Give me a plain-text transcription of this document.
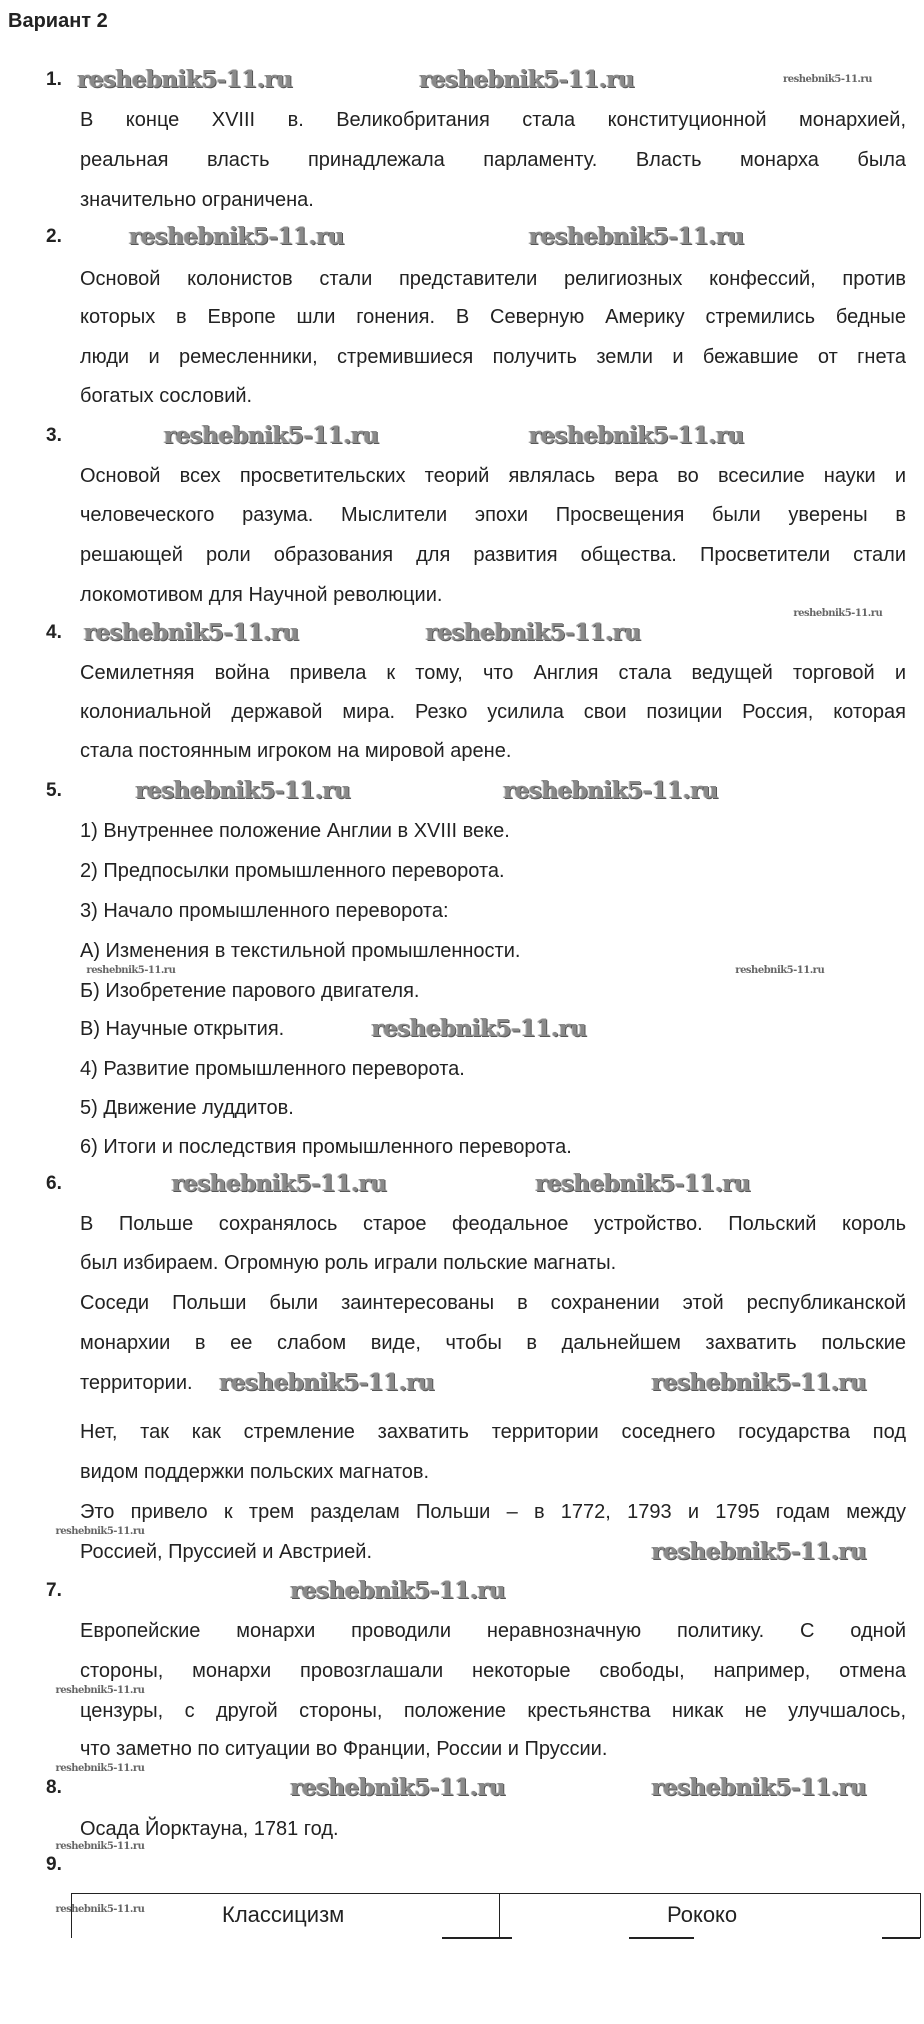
Вариант 2
1.
В конце XVIII в. Великобритания стала конституционной монархией,
реальная власть принадлежала парламенту. Власть монарха была
значительно ограничена.
2.
Основой колонистов стали представители религиозных конфессий, против
которых в Европе шли гонения. В Северную Америку стремились бедные
люди и ремесленники, стремившиеся получить земли и бежавшие от гнета
богатых сословий.
3.
Основой всех просветительских теорий являлась вера во всесилие науки и
человеческого разума. Мыслители эпохи Просвещения были уверены в
решающей роли образования для развития общества. Просветители стали
локомотивом для Научной революции.
4.
Семилетняя война привела к тому, что Англия стала ведущей торговой и
колониальной державой мира. Резко усилила свои позиции Россия, которая
стала постоянным игроком на мировой арене.
5.
1) Внутреннее положение Англии в XVIII веке.
2) Предпосылки промышленного переворота.
3) Начало промышленного переворота:
А) Изменения в текстильной промышленности.
Б) Изобретение парового двигателя.
В) Научные открытия.
4) Развитие промышленного переворота.
5) Движение луддитов.
6) Итоги и последствия промышленного переворота.
6.
В Польше сохранялось старое феодальное устройство. Польский король
был избираем. Огромную роль играли польские магнаты.
Соседи Польши были заинтересованы в сохранении этой республиканской
монархии в ее слабом виде, чтобы в дальнейшем захватить польские
территории.
Нет, так как стремление захватить территории соседнего государства под
видом поддержки польских магнатов.
Это привело к трем разделам Польши – в 1772, 1793 и 1795 годам между
Россией, Пруссией и Австрией.
7.
Европейские монархи проводили неравнозначную политику. С одной
стороны, монархи провозглашали некоторые свободы, например, отмена
цензуры, с другой стороны, положение крестьянства никак не улучшалось,
что заметно по ситуации во Франции, России и Пруссии.
8.
Осада Йорктауна, 1781 год.
9.
reshebnik5-11.ru	reshebnik5-11.ru
reshebnik5-11.ru	reshebnik5-11.ru
reshebnik5-11.ru	reshebnik5-11.ru
reshebnik5-11.ru	reshebnik5-11.ru
reshebnik5-11.ru	reshebnik5-11.ru
reshebnik5-11.ru
reshebnik5-11.ru	reshebnik5-11.ru
reshebnik5-11.ru	reshebnik5-11.ru
reshebnik5-11.ru
reshebnik5-11.ru
reshebnik5-11.ru	reshebnik5-11.ru
reshebnik5-11.ru
reshebnik5-11.ru
reshebnik5-11.ru	reshebnik5-11.ru
reshebnik5-11.ru
reshebnik5-11.ru
reshebnik5-11.ru
reshebnik5-11.ru
reshebnik5-11.ru	Классицизм	Рококо
